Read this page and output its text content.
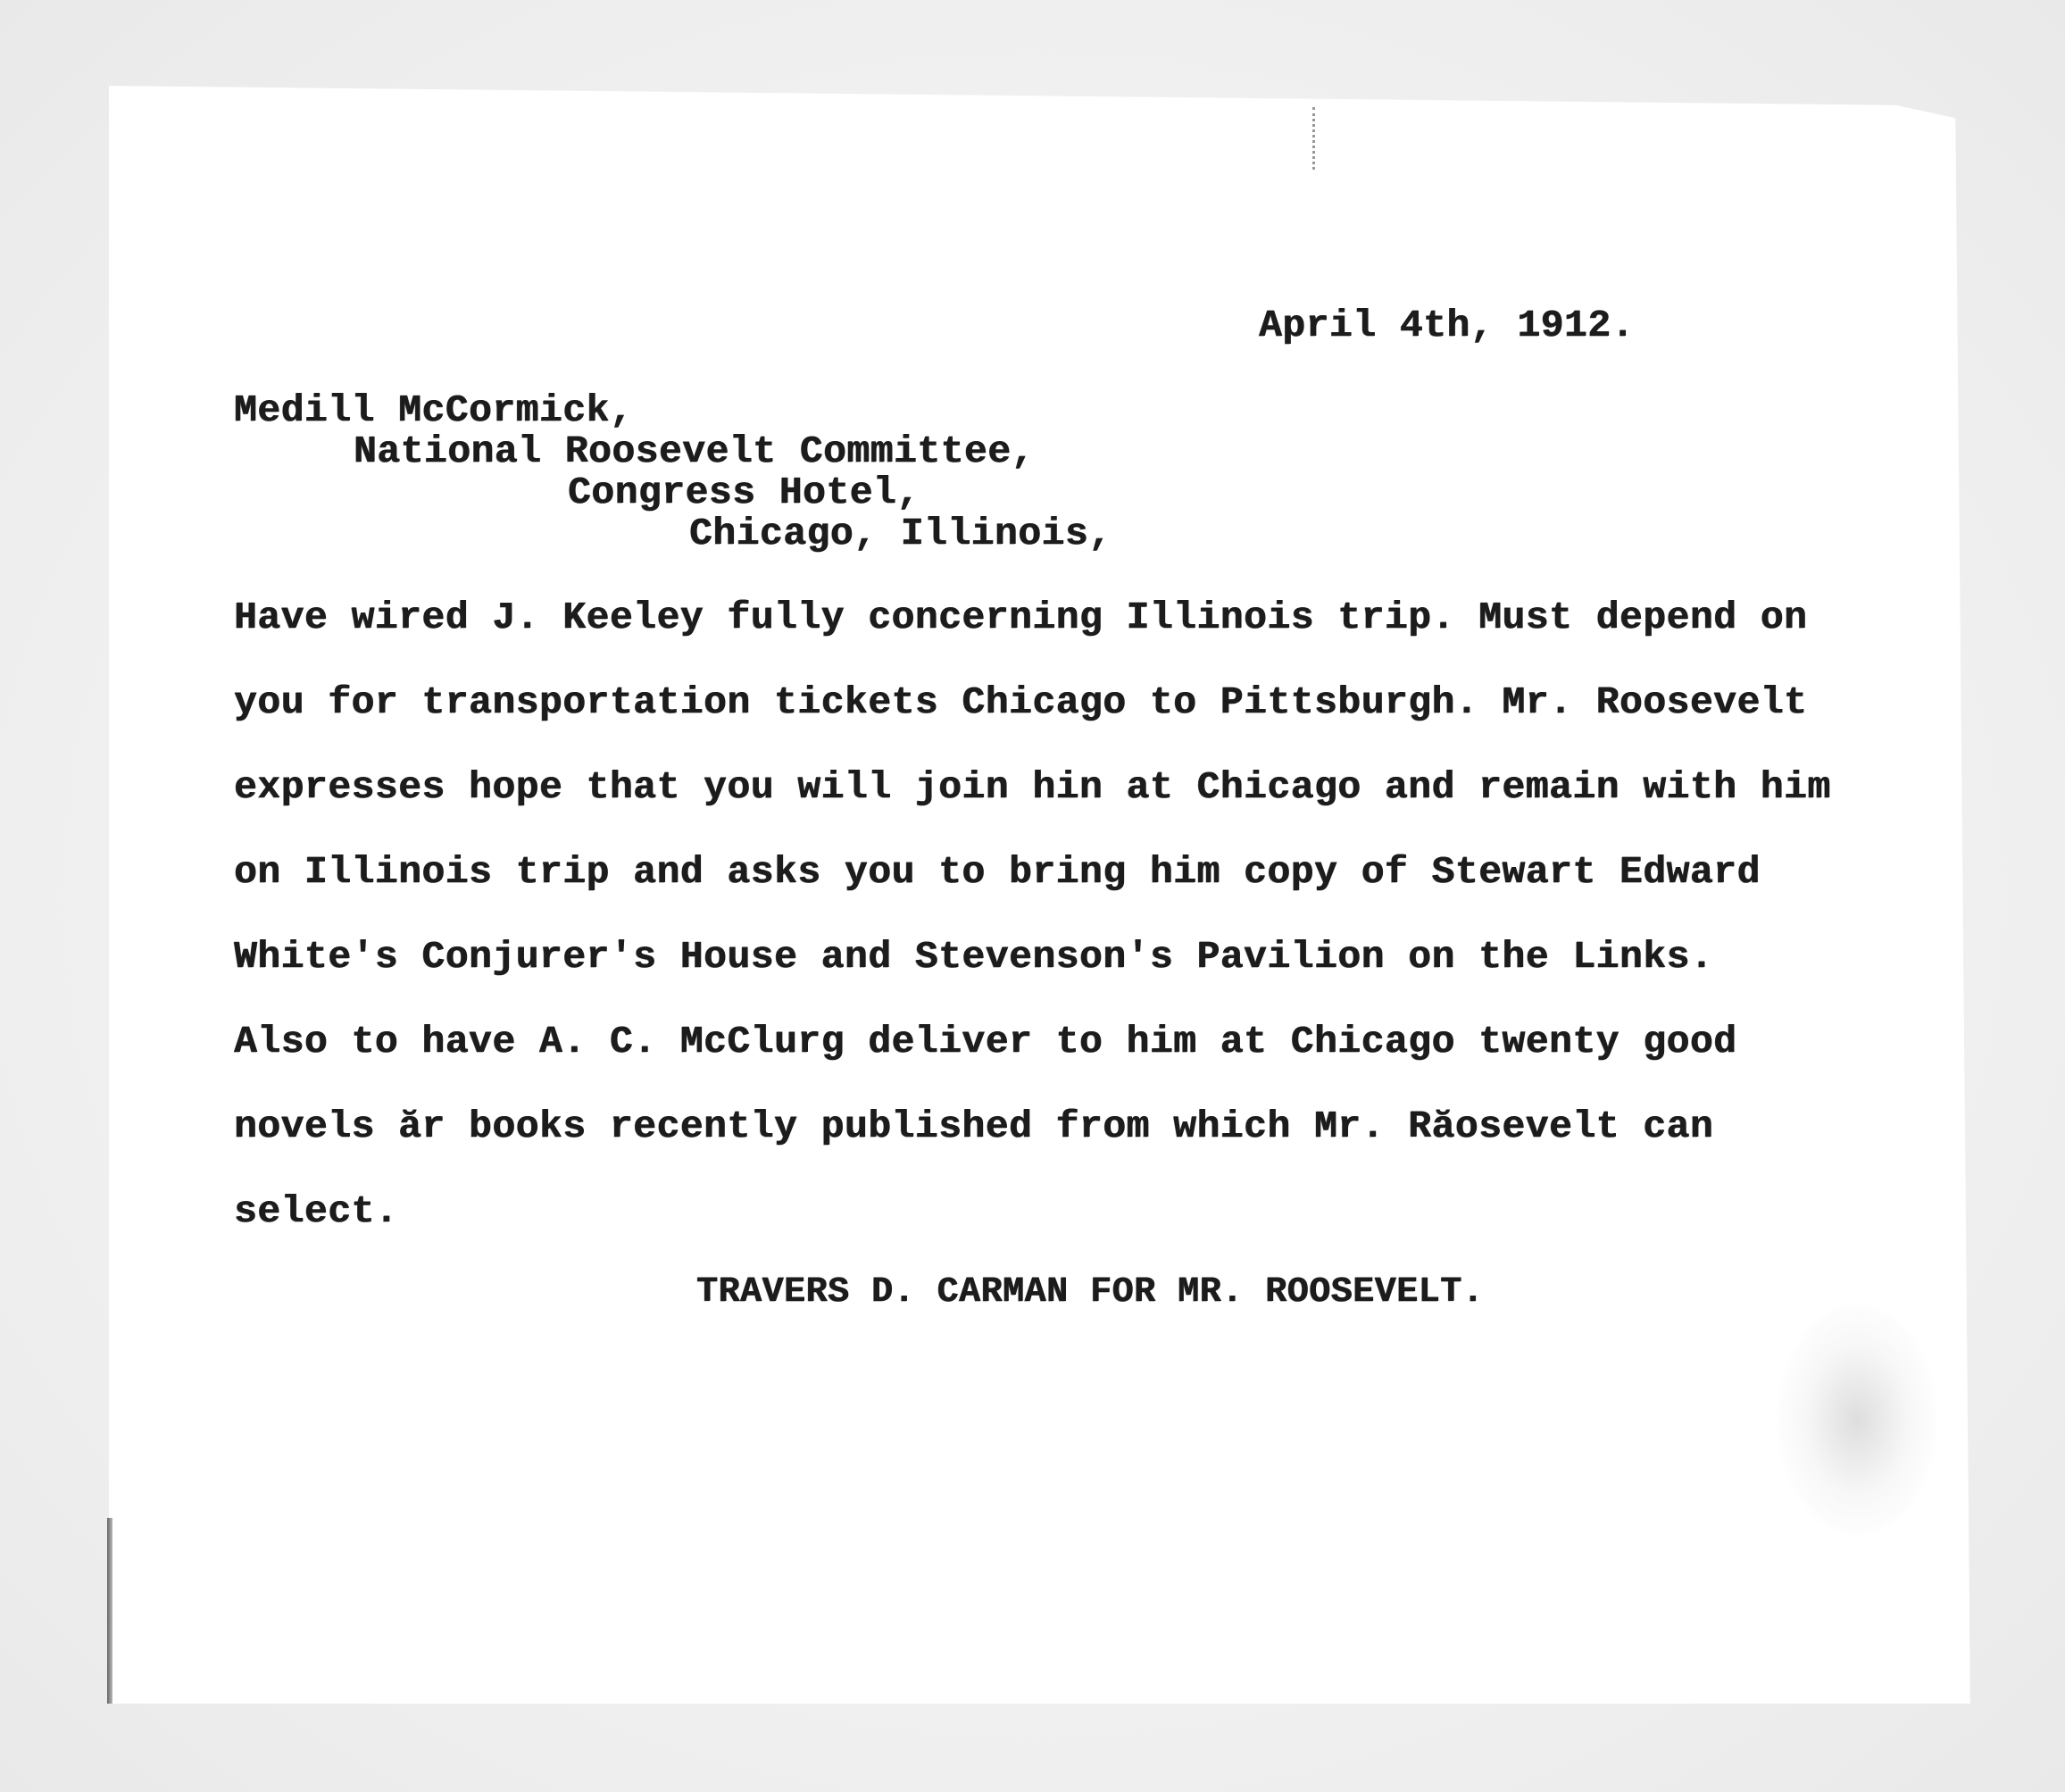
April 4th, 1912.
Medill McCormick,
National Roosevelt Committee,
Congress Hotel,
Chicago, Illinois,
Have wired J. Keeley fully concerning Illinois trip. Must depend on
you for transportation tickets Chicago to Pittsburgh. Mr. Roosevelt
expresses hope that you will join hin at Chicago and remain with him
on Illinois trip and asks you to bring him copy of Stewart Edward
White's Conjurer's House and Stevenson's Pavilion on the Links.
Also to have A. C. McClurg deliver to him at Chicago twenty good
novels ăr books recently published from which Mr. Răosevelt can
select.
TRAVERS D. CARMAN FOR MR. ROOSEVELT.
